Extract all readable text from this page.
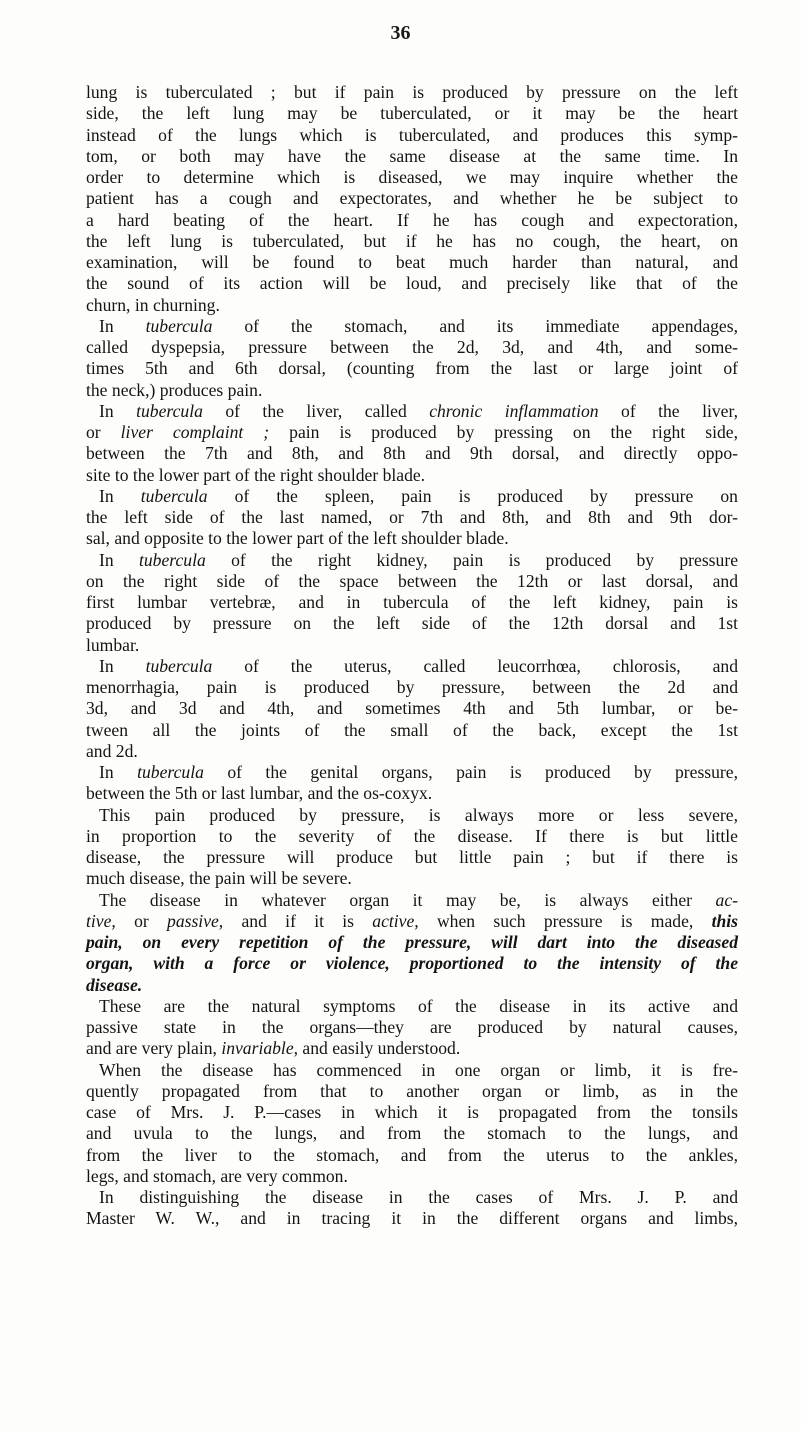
36
lung is tuberculated ; but if pain is produced by pressure on the left
side, the left lung may be tuberculated, or it may be the heart
instead of the lungs which is tuberculated, and produces this symp-
tom, or both may have the same disease at the same time. In
order to determine which is diseased, we may inquire whether the
patient has a cough and expectorates, and whether he be subject to
a hard beating of the heart. If he has cough and expectoration,
the left lung is tuberculated, but if he has no cough, the heart, on
examination, will be found to beat much harder than natural, and
the sound of its action will be loud, and precisely like that of the
churn, in churning.
In tubercula of the stomach, and its immediate appendages,
called dyspepsia, pressure between the 2d, 3d, and 4th, and some-
times 5th and 6th dorsal, (counting from the last or large joint of
the neck,) produces pain.
In tubercula of the liver, called chronic inflammation of the liver,
or liver complaint ; pain is produced by pressing on the right side,
between the 7th and 8th, and 8th and 9th dorsal, and directly oppo-
site to the lower part of the right shoulder blade.
In tubercula of the spleen, pain is produced by pressure on
the left side of the last named, or 7th and 8th, and 8th and 9th dor-
sal, and opposite to the lower part of the left shoulder blade.
In tubercula of the right kidney, pain is produced by pressure
on the right side of the space between the 12th or last dorsal, and
first lumbar vertebræ, and in tubercula of the left kidney, pain is
produced by pressure on the left side of the 12th dorsal and 1st
lumbar.
In tubercula of the uterus, called leucorrhœa, chlorosis, and
menorrhagia, pain is produced by pressure, between the 2d and
3d, and 3d and 4th, and sometimes 4th and 5th lumbar, or be-
tween all the joints of the small of the back, except the 1st
and 2d.
In tubercula of the genital organs, pain is produced by pressure,
between the 5th or last lumbar, and the os-coxyx.
This pain produced by pressure, is always more or less severe,
in proportion to the severity of the disease. If there is but little
disease, the pressure will produce but little pain ; but if there is
much disease, the pain will be severe.
The disease in whatever organ it may be, is always either ac-
tive, or passive, and if it is active, when such pressure is made, this
pain, on every repetition of the pressure, will dart into the diseased
organ, with a force or violence, proportioned to the intensity of the
disease.
These are the natural symptoms of the disease in its active and
passive state in the organs—they are produced by natural causes,
and are very plain, invariable, and easily understood.
When the disease has commenced in one organ or limb, it is fre-
quently propagated from that to another organ or limb, as in the
case of Mrs. J. P.—cases in which it is propagated from the tonsils
and uvula to the lungs, and from the stomach to the lungs, and
from the liver to the stomach, and from the uterus to the ankles,
legs, and stomach, are very common.
In distinguishing the disease in the cases of Mrs. J. P. and
Master W. W., and in tracing it in the different organs and limbs,
